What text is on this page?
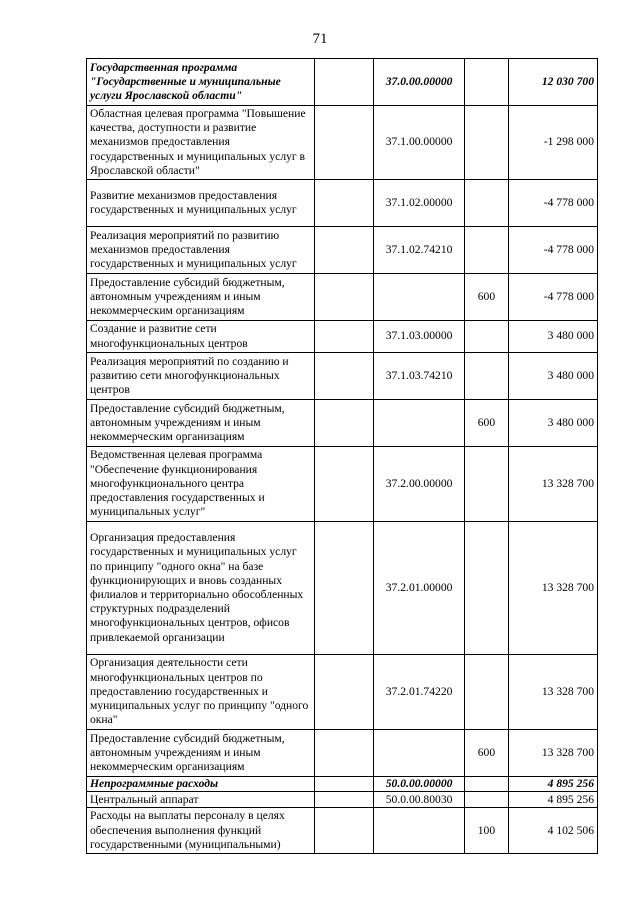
71
Государственная программа "Государственные и муниципальные услуги Ярославской области"		37.0.00.00000		12 030 700
Областная целевая программа "Повышение качества, доступности и развитие механизмов предоставления государственных и муниципальных услуг в Ярославской области"		37.1.00.00000		-1 298 000
Развитие механизмов предоставления государственных и муниципальных услуг		37.1.02.00000		-4 778 000
Реализация мероприятий по развитию механизмов предоставления государственных и муниципальных услуг		37.1.02.74210		-4 778 000
Предоставление субсидий бюджетным, автономным учреждениям и иным некоммерческим организациям			600	-4 778 000
Создание и развитие сети многофункциональных центров		37.1.03.00000		3 480 000
Реализация мероприятий по созданию и развитию сети многофункциональных центров		37.1.03.74210		3 480 000
Предоставление субсидий бюджетным, автономным учреждениям и иным некоммерческим организациям			600	3 480 000
Ведомственная целевая программа "Обеспечение функционирования многофункционального центра предоставления государственных и муниципальных услуг"		37.2.00.00000		13 328 700
Организация предоставления государственных и муниципальных услуг по принципу "одного окна" на базе функционирующих и вновь созданных филиалов и территориально обособленных структурных подразделений многофункциональных центров, офисов привлекаемой организации		37.2.01.00000		13 328 700
Организация деятельности сети многофункциональных центров по предоставлению государственных и муниципальных услуг по принципу "одного окна"		37.2.01.74220		13 328 700
Предоставление субсидий бюджетным, автономным учреждениям и иным некоммерческим организациям			600	13 328 700
Непрограммные расходы		50.0.00.00000		4 895 256
Центральный аппарат		50.0.00.80030		4 895 256
Расходы на выплаты персоналу в целях обеспечения выполнения функций государственными (муниципальными)			100	4 102 506
